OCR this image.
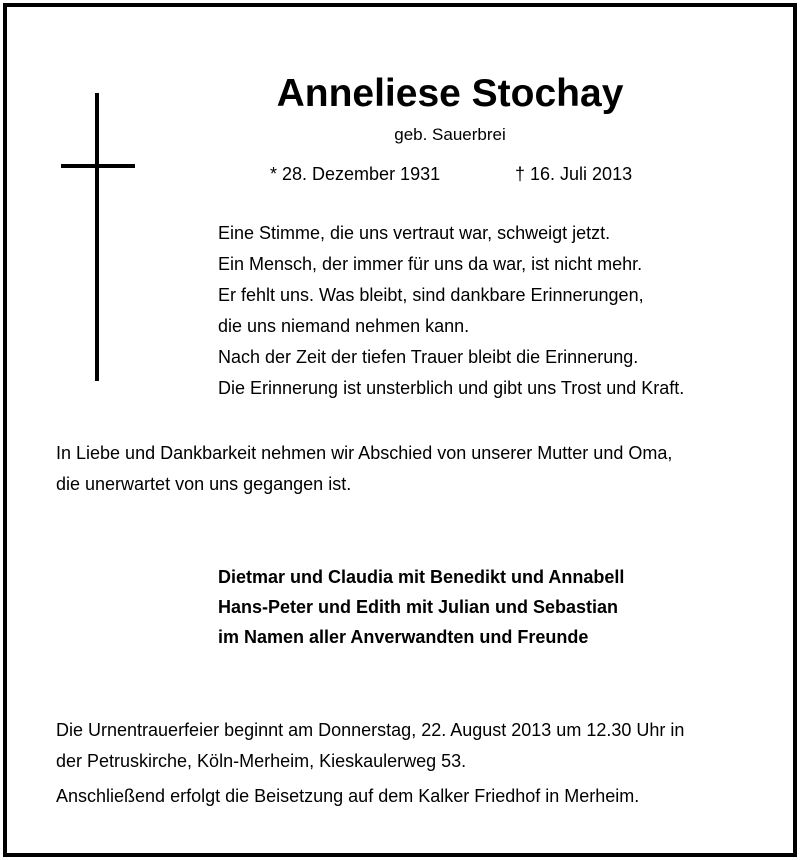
Anneliese Stochay
geb. Sauerbrei
* 28. Dezember 1931	† 16. Juli 2013
Eine Stimme, die uns vertraut war, schweigt jetzt.
Ein Mensch, der immer für uns da war, ist nicht mehr.
Er fehlt uns. Was bleibt, sind dankbare Erinnerungen,
die uns niemand nehmen kann.
Nach der Zeit der tiefen Trauer bleibt die Erinnerung.
Die Erinnerung ist unsterblich und gibt uns Trost und Kraft.
In Liebe und Dankbarkeit nehmen wir Abschied von unserer Mutter und Oma,
die unerwartet von uns gegangen ist.
Dietmar und Claudia mit Benedikt und Annabell
Hans-Peter und Edith mit Julian und Sebastian
im Namen aller Anverwandten und Freunde
Die Urnentrauerfeier beginnt am Donnerstag, 22. August 2013 um 12.30 Uhr in
der Petruskirche, Köln-Merheim, Kieskaulerweg 53.
Anschließend erfolgt die Beisetzung auf dem Kalker Friedhof in Merheim.
